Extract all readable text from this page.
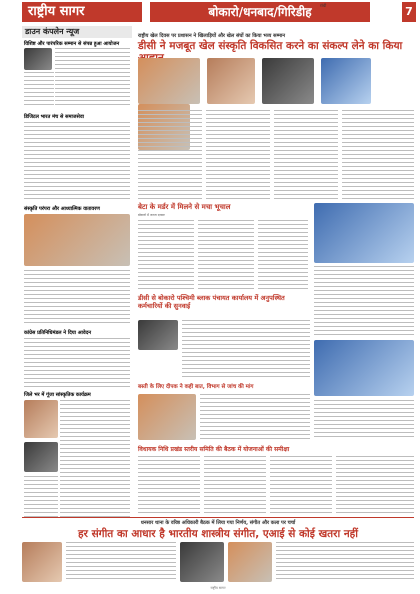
राष्ट्रीय सागर	बोकारो/धनबाद/गिरिडीह	रांची	7
डाउन कंपलेन न्यूज
विशिष्ट और पारंपरिक सम्मान से संपन्न हुआ आयोजन
डिजिटल भारत मंच से समाजसेवा
संस्कृति परंपरा और आध्यात्मिक वातावरण
कांग्रेस प्रतिनिधिमंडल ने दिया आवेदन
जिले भर में गूंजा सांस्कृतिक कार्यक्रम
राष्ट्रीय खेल दिवस पर प्रशासन ने खिलाड़ियों और खेल संघों का किया भव्य सम्मान
डीसी ने मजबूत खेल संस्कृति विकसित करने का संकल्प लेने का किया

बेटा के मर्डर में मिलने से मचा भूचाल
बोकारो में जनता दरबार
डीसी से बोकारो पश्चिमी ब्लाक पंचायत कार्यालय में अनुपस्थित कर्मचारियों की सुनवाई
बस्ती के लिए दीपक ने कही बात, विभाग से जांच की मांग
विधायक निधि प्रखंड स्तरीय समिति की बैठक में योजनाओं की समीक्षा
धनसार थाना के वरिष्ठ अधिकारी बैठक में लिया गया निर्णय, संगीत और कला पर चर्चा
हर संगीत का आधार है भारतीय शास्त्रीय संगीत, एआई से कोई खतरा नहीं
राष्ट्रीय सागर
